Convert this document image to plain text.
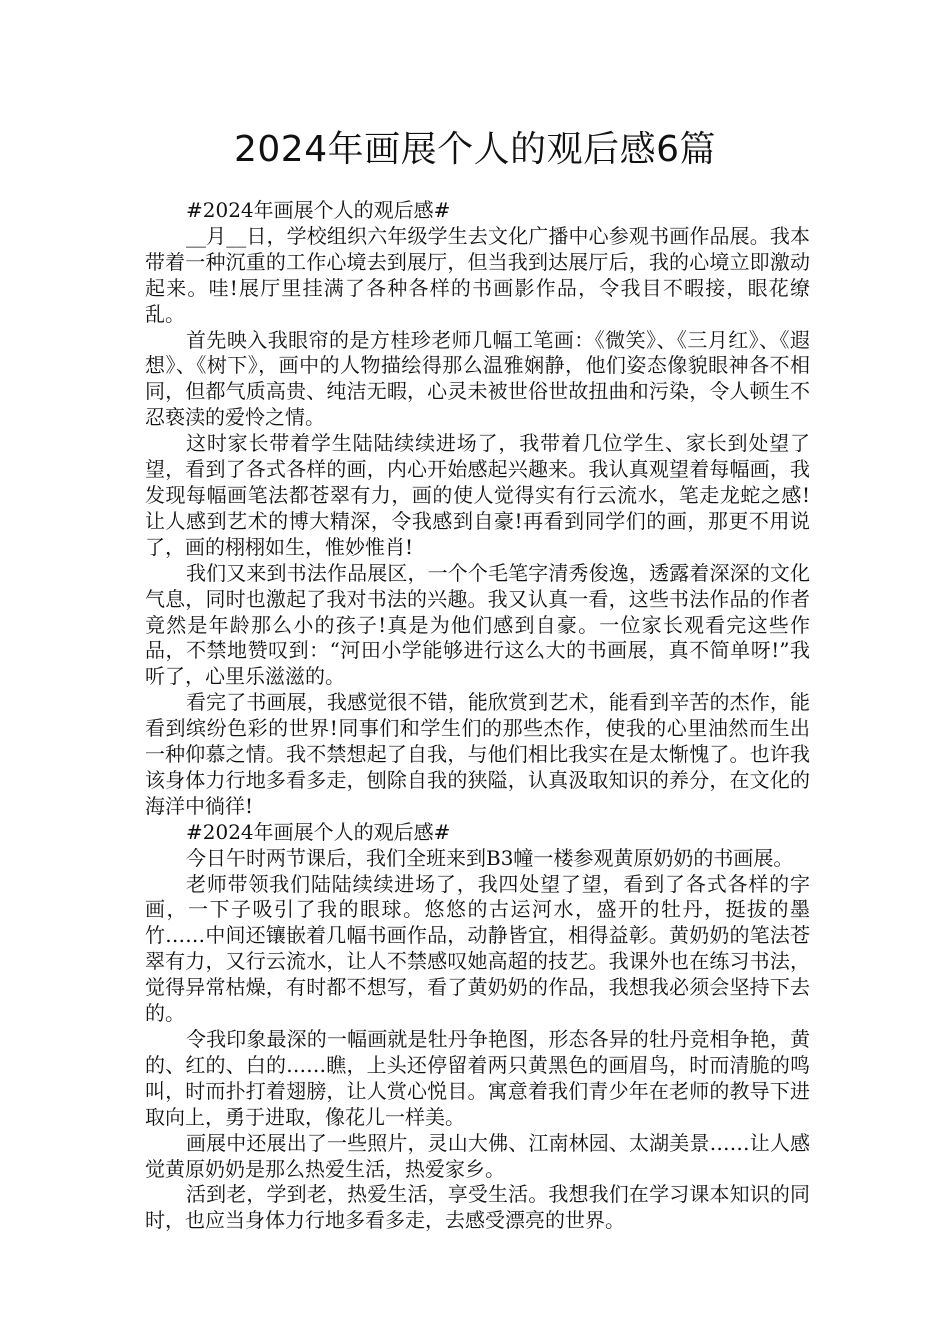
2024年画展个人的观后感6篇

#2024年画展个人的观后感#

__月__日，学校组织六年级学生去文化广播中心参观书画作品展。我本带着一种沉重的工作心境去到展厅，但当我到达展厅后，我的心境立即激动起来。哇!展厅里挂满了各种各样的书画影作品，令我目不暇接，眼花缭乱。

首先映入我眼帘的是方桂珍老师几幅工笔画：《微笑》、《三月红》、《遐想》、《树下》，画中的人物描绘得那么温雅娴静，他们姿态像貌眼神各不相同，但都气质高贵、纯洁无暇，心灵未被世俗世故扭曲和污染，令人顿生不忍亵渎的爱怜之情。

这时家长带着学生陆陆续续进场了，我带着几位学生、家长到处望了望，看到了各式各样的画，内心开始感起兴趣来。我认真观望着每幅画，我发现每幅画笔法都苍翠有力，画的使人觉得实有行云流水，笔走龙蛇之感!让人感到艺术的博大精深，令我感到自豪!再看到同学们的画，那更不用说了，画的栩栩如生，惟妙惟肖!

我们又来到书法作品展区，一个个毛笔字清秀俊逸，透露着深深的文化气息，同时也激起了我对书法的兴趣。我又认真一看，这些书法作品的作者竟然是年龄那么小的孩子!真是为他们感到自豪。一位家长观看完这些作品，不禁地赞叹到：“河田小学能够进行这么大的书画展，真不简单呀!”我听了，心里乐滋滋的。

看完了书画展，我感觉很不错，能欣赏到艺术，能看到辛苦的杰作，能看到缤纷色彩的世界!同事们和学生们的那些杰作，使我的心里油然而生出一种仰慕之情。我不禁想起了自我，与他们相比我实在是太惭愧了。也许我该身体力行地多看多走，刨除自我的狭隘，认真汲取知识的养分，在文化的海洋中徜徉!

#2024年画展个人的观后感#

今日午时两节课后，我们全班来到B3幢一楼参观黄原奶奶的书画展。

老师带领我们陆陆续续进场了，我四处望了望，看到了各式各样的字画，一下子吸引了我的眼球。悠悠的古运河水，盛开的牡丹，挺拔的墨竹……中间还镶嵌着几幅书画作品，动静皆宜，相得益彰。黄奶奶的笔法苍翠有力，又行云流水，让人不禁感叹她高超的技艺。我课外也在练习书法，觉得异常枯燥，有时都不想写，看了黄奶奶的作品，我想我必须会坚持下去的。

令我印象最深的一幅画就是牡丹争艳图，形态各异的牡丹竞相争艳，黄的、红的、白的……瞧，上头还停留着两只黄黑色的画眉鸟，时而清脆的鸣叫，时而扑打着翅膀，让人赏心悦目。寓意着我们青少年在老师的教导下进取向上，勇于进取，像花儿一样美。

画展中还展出了一些照片，灵山大佛、江南林园、太湖美景……让人感觉黄原奶奶是那么热爱生活，热爱家乡。

活到老，学到老，热爱生活，享受生活。我想我们在学习课本知识的同时，也应当身体力行地多看多走，去感受漂亮的世界。
